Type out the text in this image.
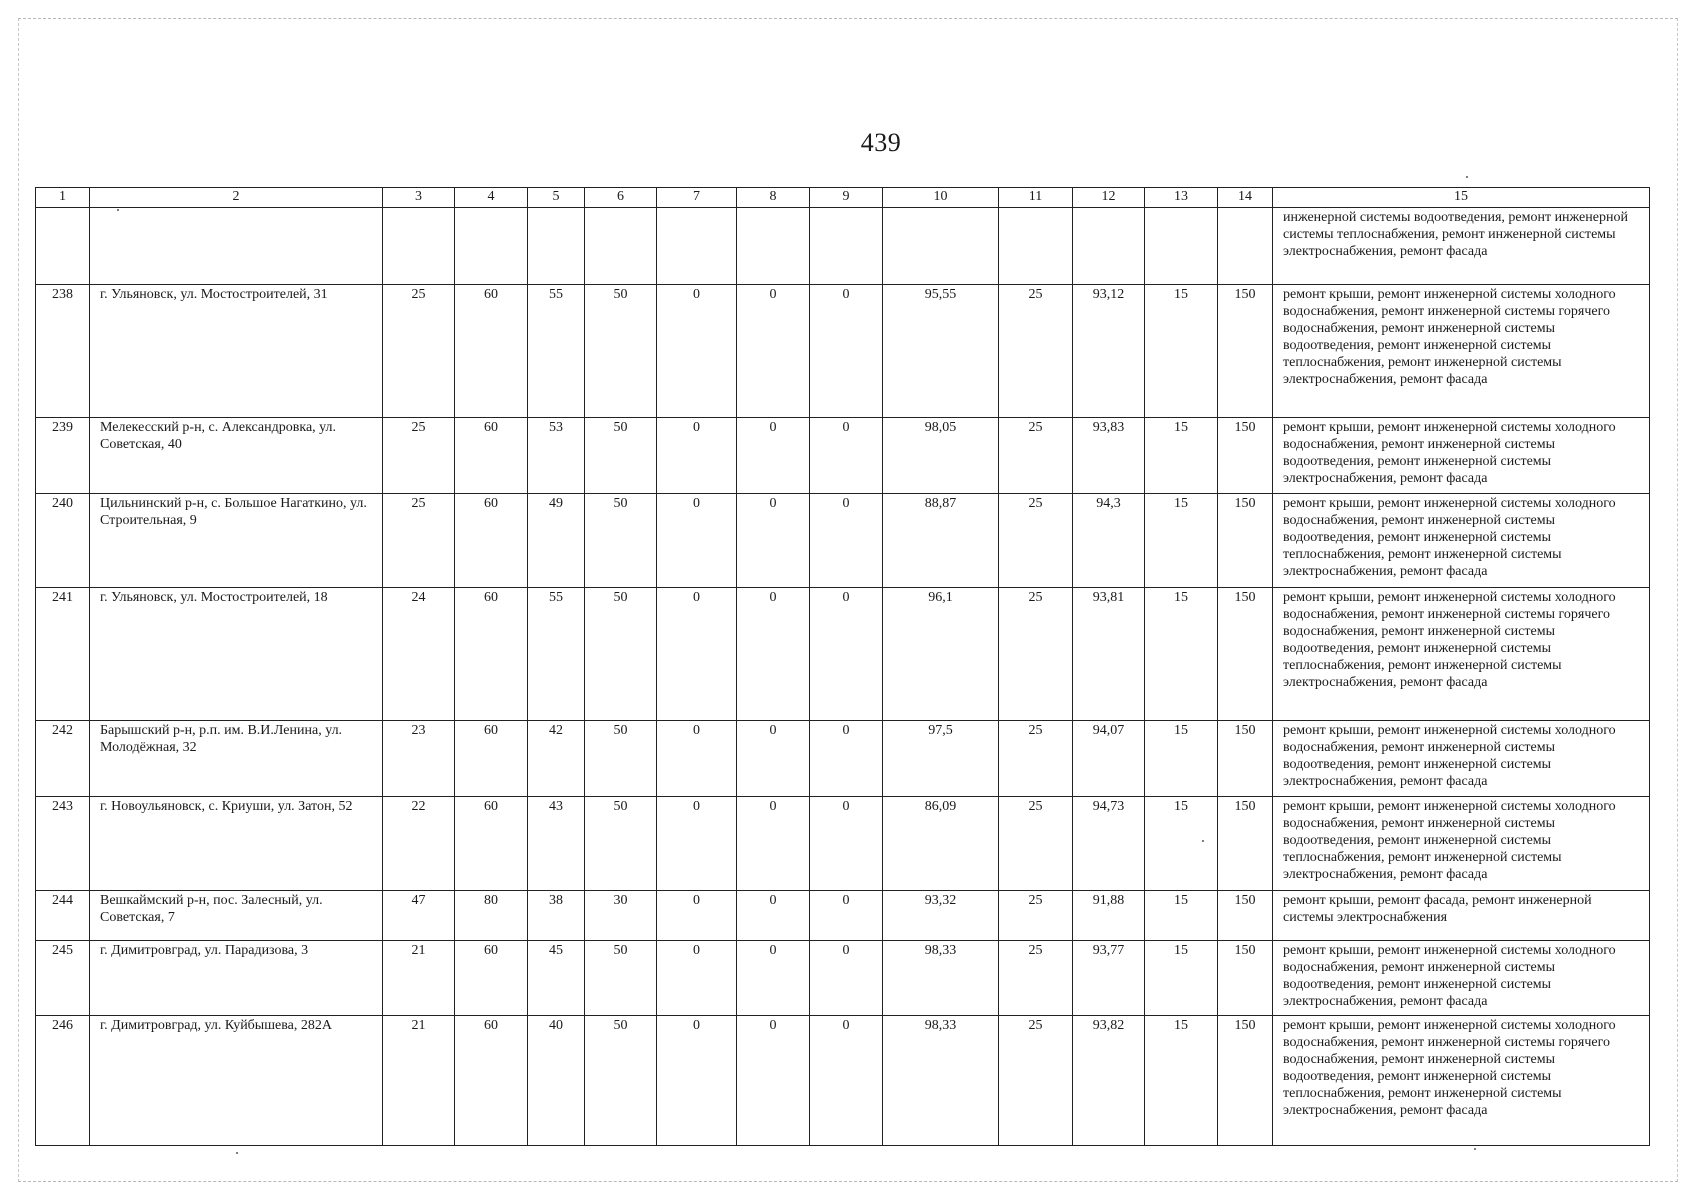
439
1	2	3	4	5	6	7	8	9	10	11	12	13	14	15
														инженерной системы водоотведения, ремонт инженерной системы теплоснабжения, ремонт инженерной системы электроснабжения, ремонт фасада
238	г. Ульяновск, ул. Мостостроителей, 31	25	60	55	50	0	0	0	95,55	25	93,12	15	150	ремонт крыши, ремонт инженерной системы холодного водоснабжения, ремонт инженерной системы горячего водоснабжения, ремонт инженерной системы водоотведения, ремонт инженерной системы теплоснабжения, ремонт инженерной системы электроснабжения, ремонт фасада
239	Мелекесский р-н, с. Александровка, ул. Советская, 40	25	60	53	50	0	0	0	98,05	25	93,83	15	150	ремонт крыши, ремонт инженерной системы холодного водоснабжения, ремонт инженерной системы водоотведения, ремонт инженерной системы электроснабжения, ремонт фасада
240	Цильнинский р-н, с. Большое Нагаткино, ул. Строительная, 9	25	60	49	50	0	0	0	88,87	25	94,3	15	150	ремонт крыши, ремонт инженерной системы холодного водоснабжения, ремонт инженерной системы водоотведения, ремонт инженерной системы теплоснабжения, ремонт инженерной системы электроснабжения, ремонт фасада
241	г. Ульяновск, ул. Мостостроителей, 18	24	60	55	50	0	0	0	96,1	25	93,81	15	150	ремонт крыши, ремонт инженерной системы холодного водоснабжения, ремонт инженерной системы горячего водоснабжения, ремонт инженерной системы водоотведения, ремонт инженерной системы теплоснабжения, ремонт инженерной системы электроснабжения, ремонт фасада
242	Барышский р-н, р.п. им. В.И.Ленина, ул. Молодёжная, 32	23	60	42	50	0	0	0	97,5	25	94,07	15	150	ремонт крыши, ремонт инженерной системы холодного водоснабжения, ремонт инженерной системы водоотведения, ремонт инженерной системы электроснабжения, ремонт фасада
243	г. Новоульяновск, с. Криуши, ул. Затон, 52	22	60	43	50	0	0	0	86,09	25	94,73	15	150	ремонт крыши, ремонт инженерной системы холодного водоснабжения, ремонт инженерной системы водоотведения, ремонт инженерной системы теплоснабжения, ремонт инженерной системы электроснабжения, ремонт фасада
244	Вешкаймский р-н, пос. Залесный, ул. Советская, 7	47	80	38	30	0	0	0	93,32	25	91,88	15	150	ремонт крыши, ремонт фасада, ремонт инженерной системы электроснабжения
245	г. Димитровград, ул. Парадизова, 3	21	60	45	50	0	0	0	98,33	25	93,77	15	150	ремонт крыши, ремонт инженерной системы холодного водоснабжения, ремонт инженерной системы водоотведения, ремонт инженерной системы электроснабжения, ремонт фасада
246	г. Димитровград, ул. Куйбышева, 282А	21	60	40	50	0	0	0	98,33	25	93,82	15	150	ремонт крыши, ремонт инженерной системы холодного водоснабжения, ремонт инженерной системы горячего водоснабжения, ремонт инженерной системы водоотведения, ремонт инженерной системы теплоснабжения, ремонт инженерной системы электроснабжения, ремонт фасада
